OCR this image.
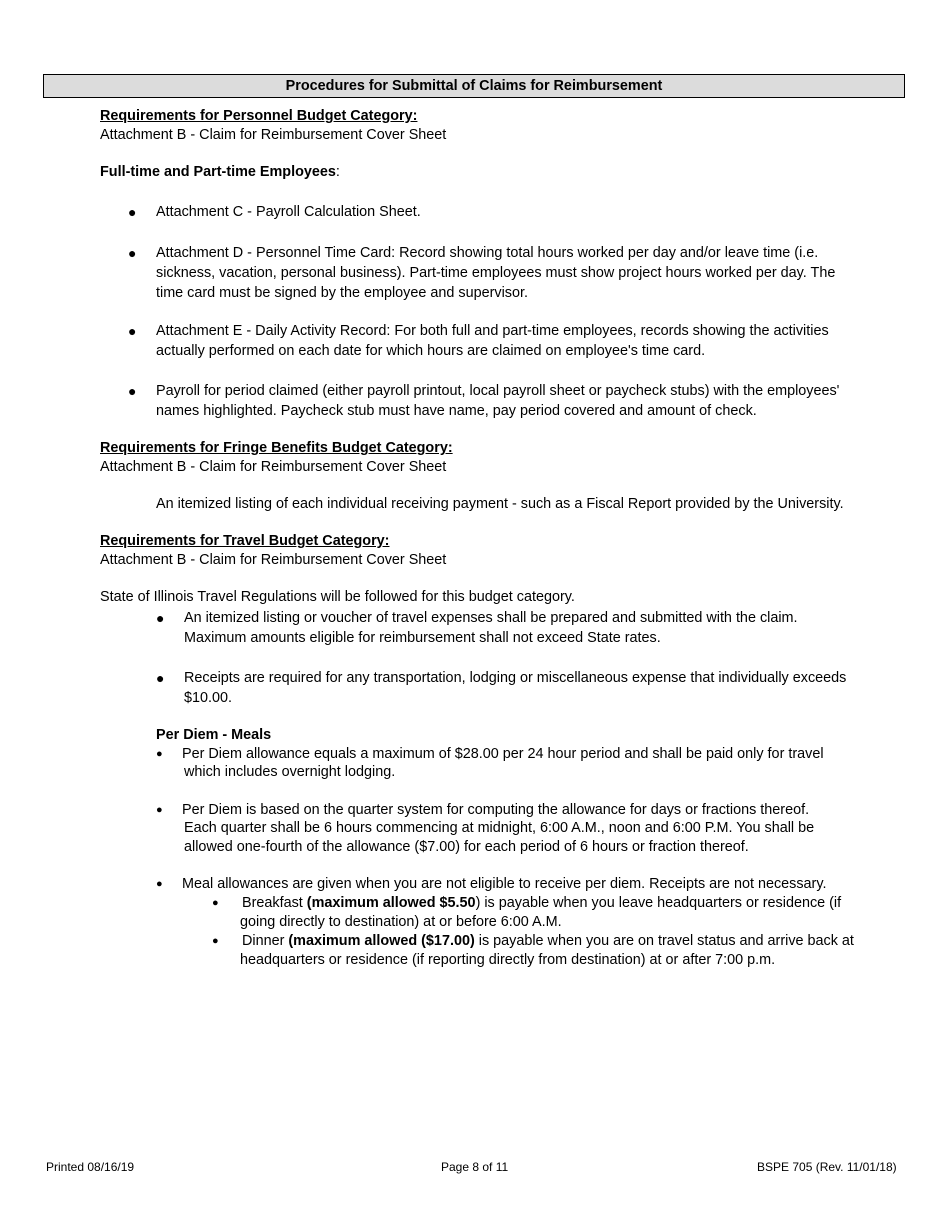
Procedures for Submittal of Claims for Reimbursement
Requirements for Personnel Budget Category:
Attachment B - Claim for Reimbursement Cover Sheet
Full-time and Part-time Employees:
● Attachment C - Payroll Calculation Sheet.
● Attachment D - Personnel Time Card: Record showing total hours worked per day and/or leave time (i.e.
sickness, vacation, personal business). Part-time employees must show project hours worked per day. The
time card must be signed by the employee and supervisor.
● Attachment E - Daily Activity Record: For both full and part-time employees, records showing the activities
actually performed on each date for which hours are claimed on employee's time card.
● Payroll for period claimed (either payroll printout, local payroll sheet or paycheck stubs) with the employees'
names highlighted. Paycheck stub must have name, pay period covered and amount of check.
Requirements for Fringe Benefits Budget Category:
Attachment B - Claim for Reimbursement Cover Sheet
An itemized listing of each individual receiving payment - such as a Fiscal Report provided by the University.
Requirements for Travel Budget Category:
Attachment B - Claim for Reimbursement Cover Sheet
State of Illinois Travel Regulations will be followed for this budget category.
● An itemized listing or voucher of travel expenses shall be prepared and submitted with the claim.
Maximum amounts eligible for reimbursement shall not exceed State rates.
● Receipts are required for any transportation, lodging or miscellaneous expense that individually exceeds
$10.00.
Per Diem - Meals
● Per Diem allowance equals a maximum of $28.00 per 24 hour period and shall be paid only for travel
which includes overnight lodging.
● Per Diem is based on the quarter system for computing the allowance for days or fractions thereof.
Each quarter shall be 6 hours commencing at midnight, 6:00 A.M., noon and 6:00 P.M. You shall be
allowed one-fourth of the allowance ($7.00) for each period of 6 hours or fraction thereof.
● Meal allowances are given when you are not eligible to receive per diem. Receipts are not necessary.
● Breakfast (maximum allowed $5.50) is payable when you leave headquarters or residence (if
going directly to destination) at or before 6:00 A.M.
● Dinner (maximum allowed ($17.00) is payable when you are on travel status and arrive back at
headquarters or residence (if reporting directly from destination) at or after 7:00 p.m.
Printed 08/16/19	Page 8 of 11	BSPE 705 (Rev. 11/01/18)
